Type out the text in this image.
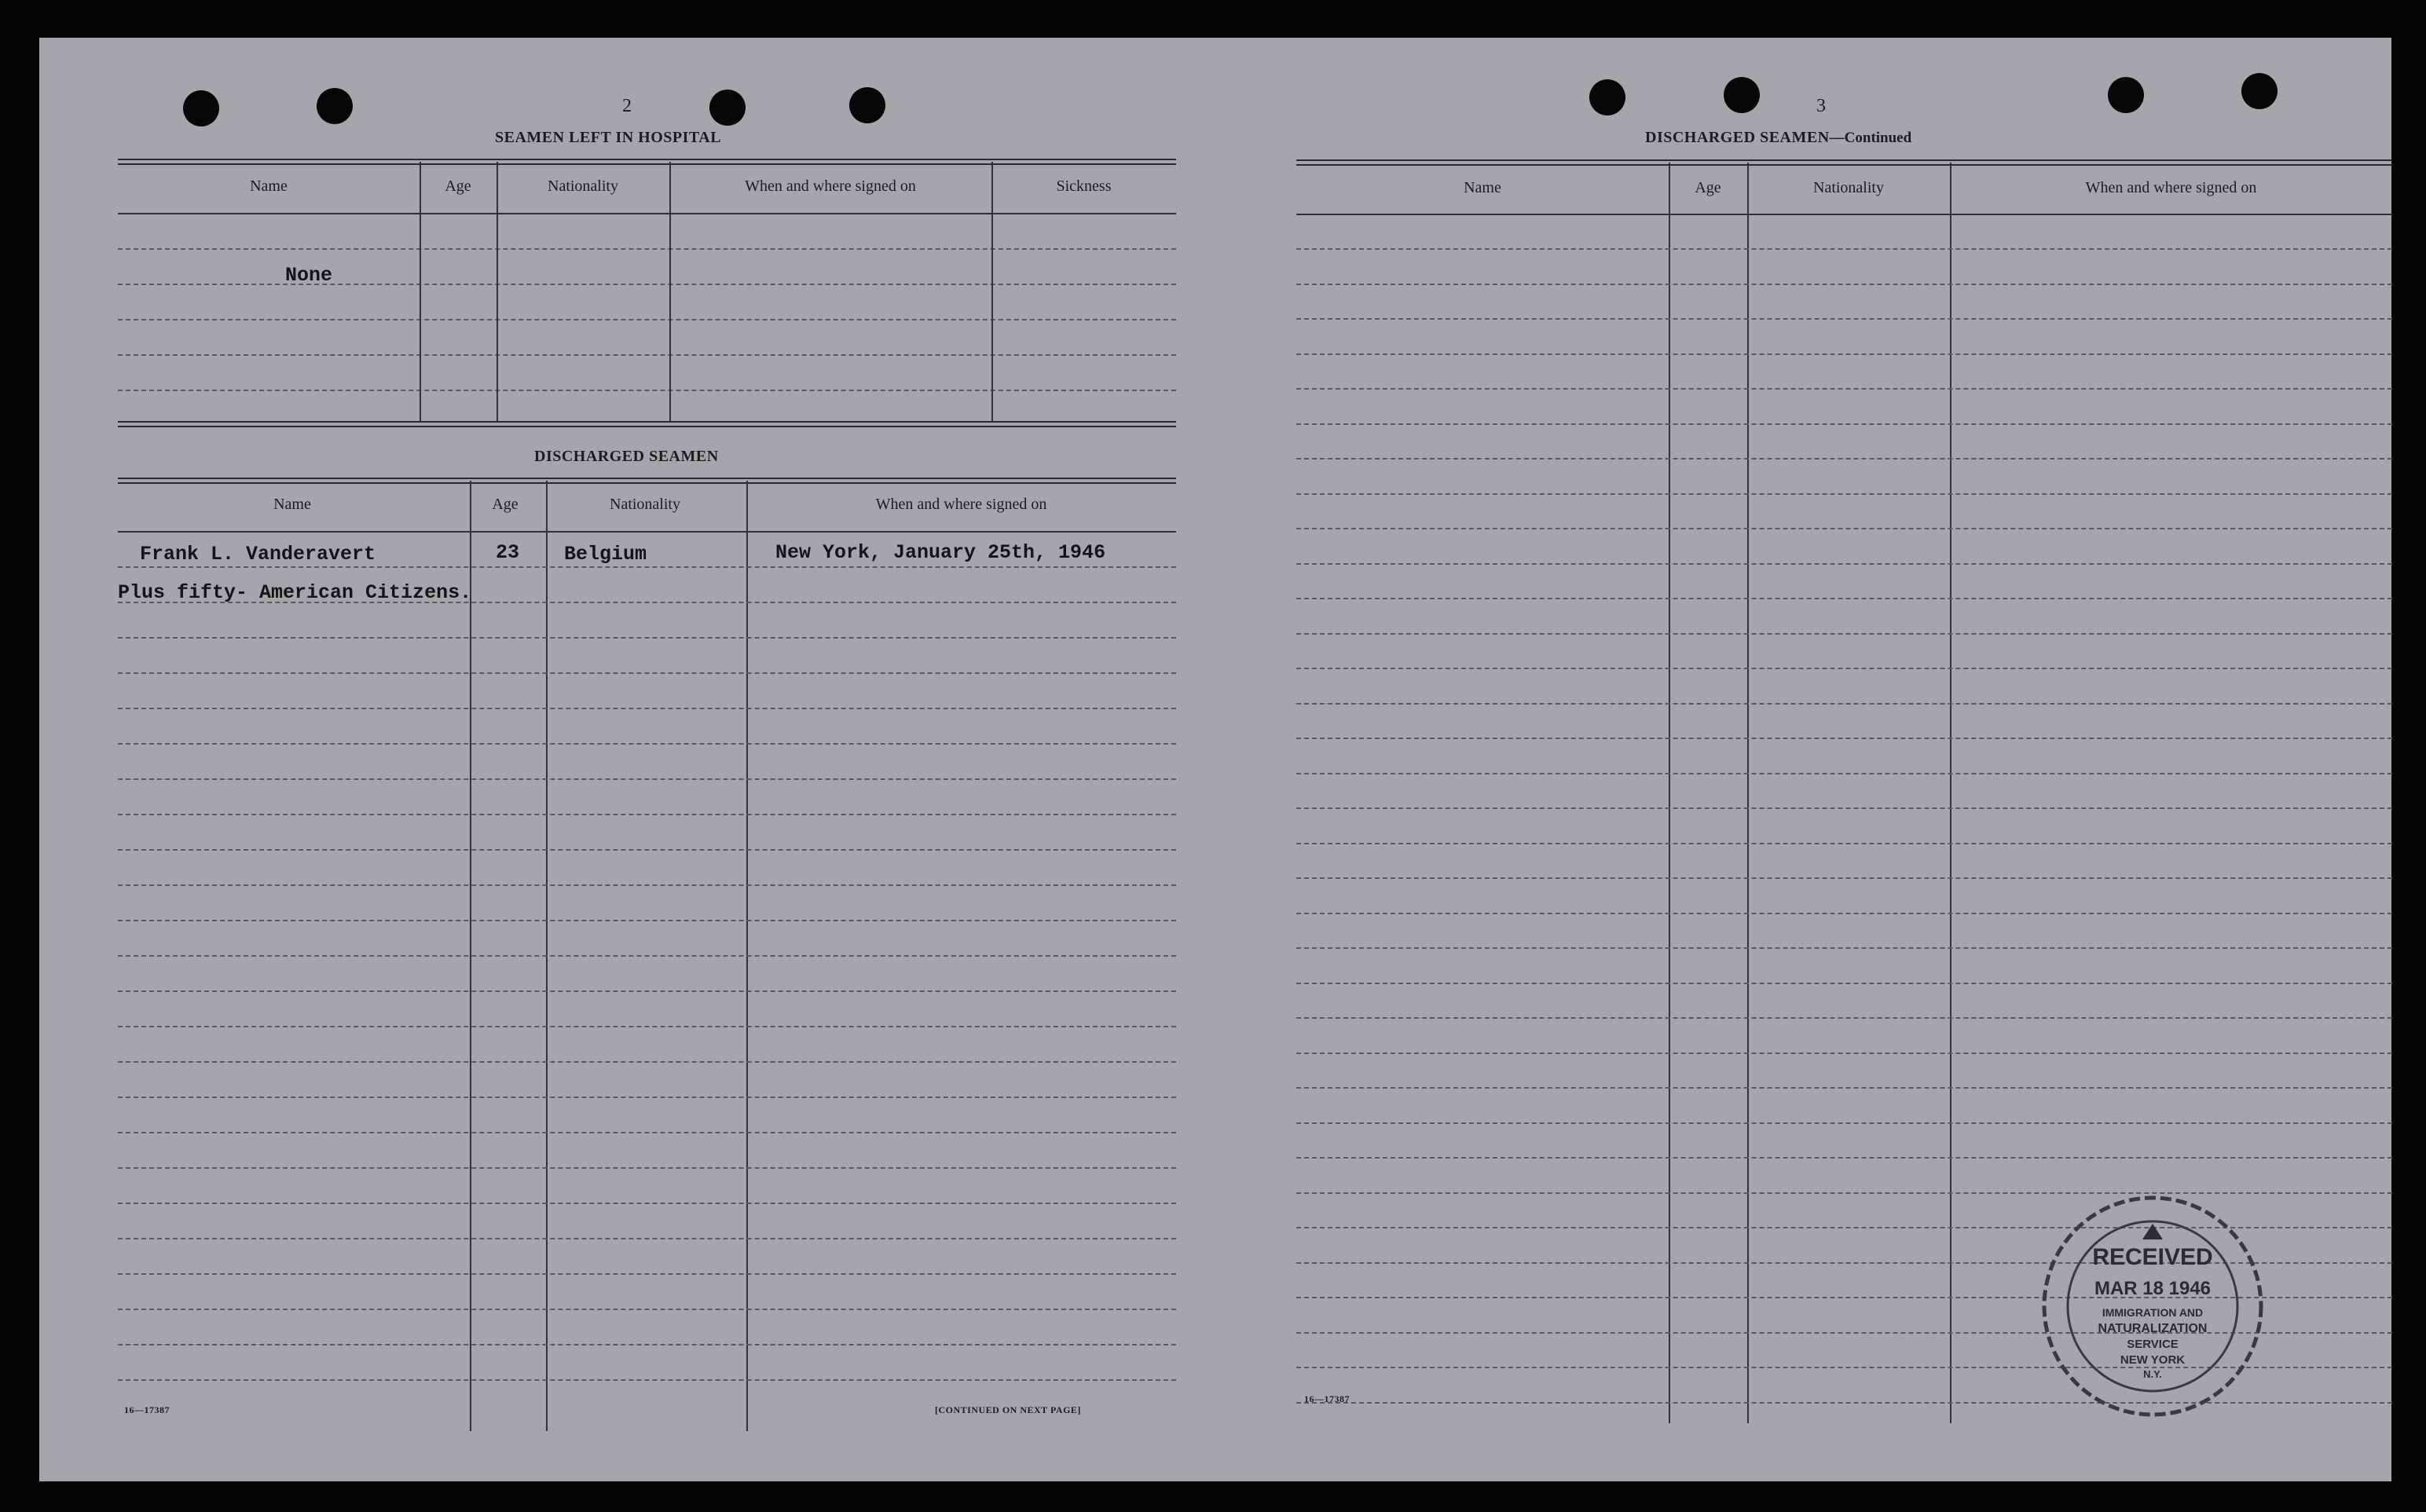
2
SEAMEN LEFT IN HOSPITAL
Name	Age	Nationality	When and where signed on	Sickness
None
DISCHARGED SEAMEN
Name	Age	Nationality	When and where signed on
Frank L. Vanderavert	23 Belgium	New York, January 25th, 1946
Plus fifty- American Citizens.
16—17387	[CONTINUED ON NEXT PAGE]
3
DISCHARGED SEAMEN—Continued
Name	Age	Nationality	When and where signed on
16—17387
RECEIVED
MAR 18 1946
IMMIGRATION AND
NATURALIZATION
SERVICE
NEW YORK
N.Y.
